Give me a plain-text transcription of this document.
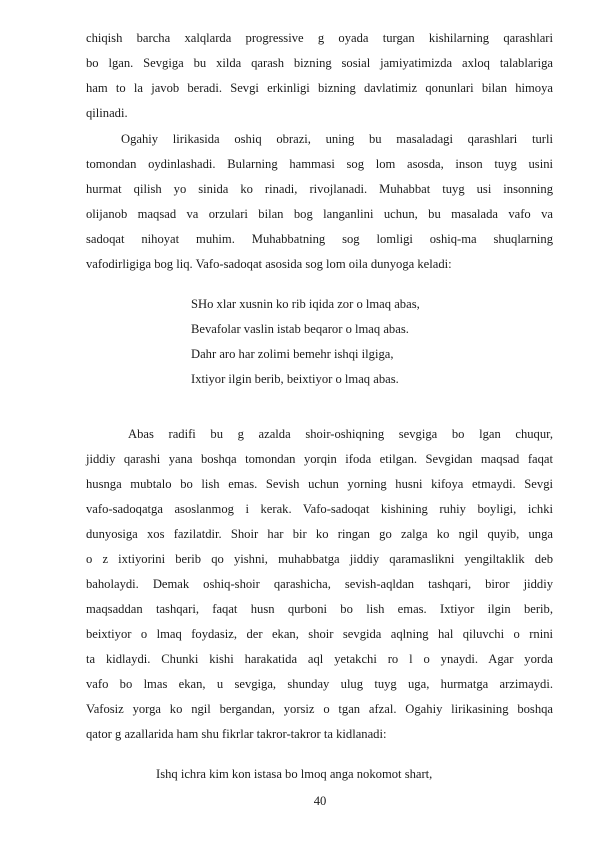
chiqish barcha xalqlarda progressive g oyada turgan kishilarning qarashlari
bo lgan. Sevgiga bu xilda qarash bizning sosial jamiyatimizda axloq talablariga
ham to la javob beradi. Sevgi erkinligi bizning davlatimiz qonunlari bilan himoya
qilinadi.
Ogahiy lirikasida oshiq obrazi, uning bu masaladagi qarashlari turli
tomondan oydinlashadi. Bularning hammasi sog lom asosda, inson tuyg usini
hurmat qilish yo sinida ko rinadi, rivojlanadi. Muhabbat tuyg usi insonning
olijanob maqsad va orzulari bilan bog langanlini uchun, bu masalada vafo va
sadoqat nihoyat muhim. Muhabbatning sog lomligi oshiq-ma shuqlarning
vafodirligiga bog liq. Vafo-sadoqat asosida sog lom oila dunyoga keladi:
SHo xlar xusnin ko rib iqida zor o lmaq abas,
Bevafolar vaslin istab beqaror o lmaq abas.
Dahr aro har zolimi bemehr ishqi ilgiga,
Ixtiyor ilgin berib, beixtiyor o lmaq abas.
Abas radifi bu g azalda shoir-oshiqning sevgiga bo lgan chuqur,
jiddiy qarashi yana boshqa tomondan yorqin ifoda etilgan. Sevgidan maqsad faqat
husnga mubtalo bo lish emas. Sevish uchun yorning husni kifoya etmaydi. Sevgi
vafo-sadoqatga asoslanmog i kerak. Vafo-sadoqat kishining ruhiy boyligi, ichki
dunyosiga xos fazilatdir. Shoir har bir ko ringan go zalga ko ngil quyib, unga
o z ixtiyorini berib qo yishni, muhabbatga jiddiy qaramaslikni yengiltaklik deb
baholaydi. Demak oshiq-shoir qarashicha, sevish-aqldan tashqari, biror jiddiy
maqsaddan tashqari, faqat husn qurboni bo lish emas. Ixtiyor ilgin berib,
beixtiyor o lmaq foydasiz, der ekan, shoir sevgida aqlning hal qiluvchi o rnini
ta kidlaydi. Chunki kishi harakatida aql yetakchi ro l o ynaydi. Agar yorda
vafo bo lmas ekan, u sevgiga, shunday ulug tuyg uga, hurmatga arzimaydi.
Vafosiz yorga ko ngil bergandan, yorsiz o tgan afzal. Ogahiy lirikasining boshqa
qator g azallarida ham shu fikrlar takror-takror ta kidlanadi:
Ishq ichra kim kon istasa bo lmoq anga nokomot shart,
40
